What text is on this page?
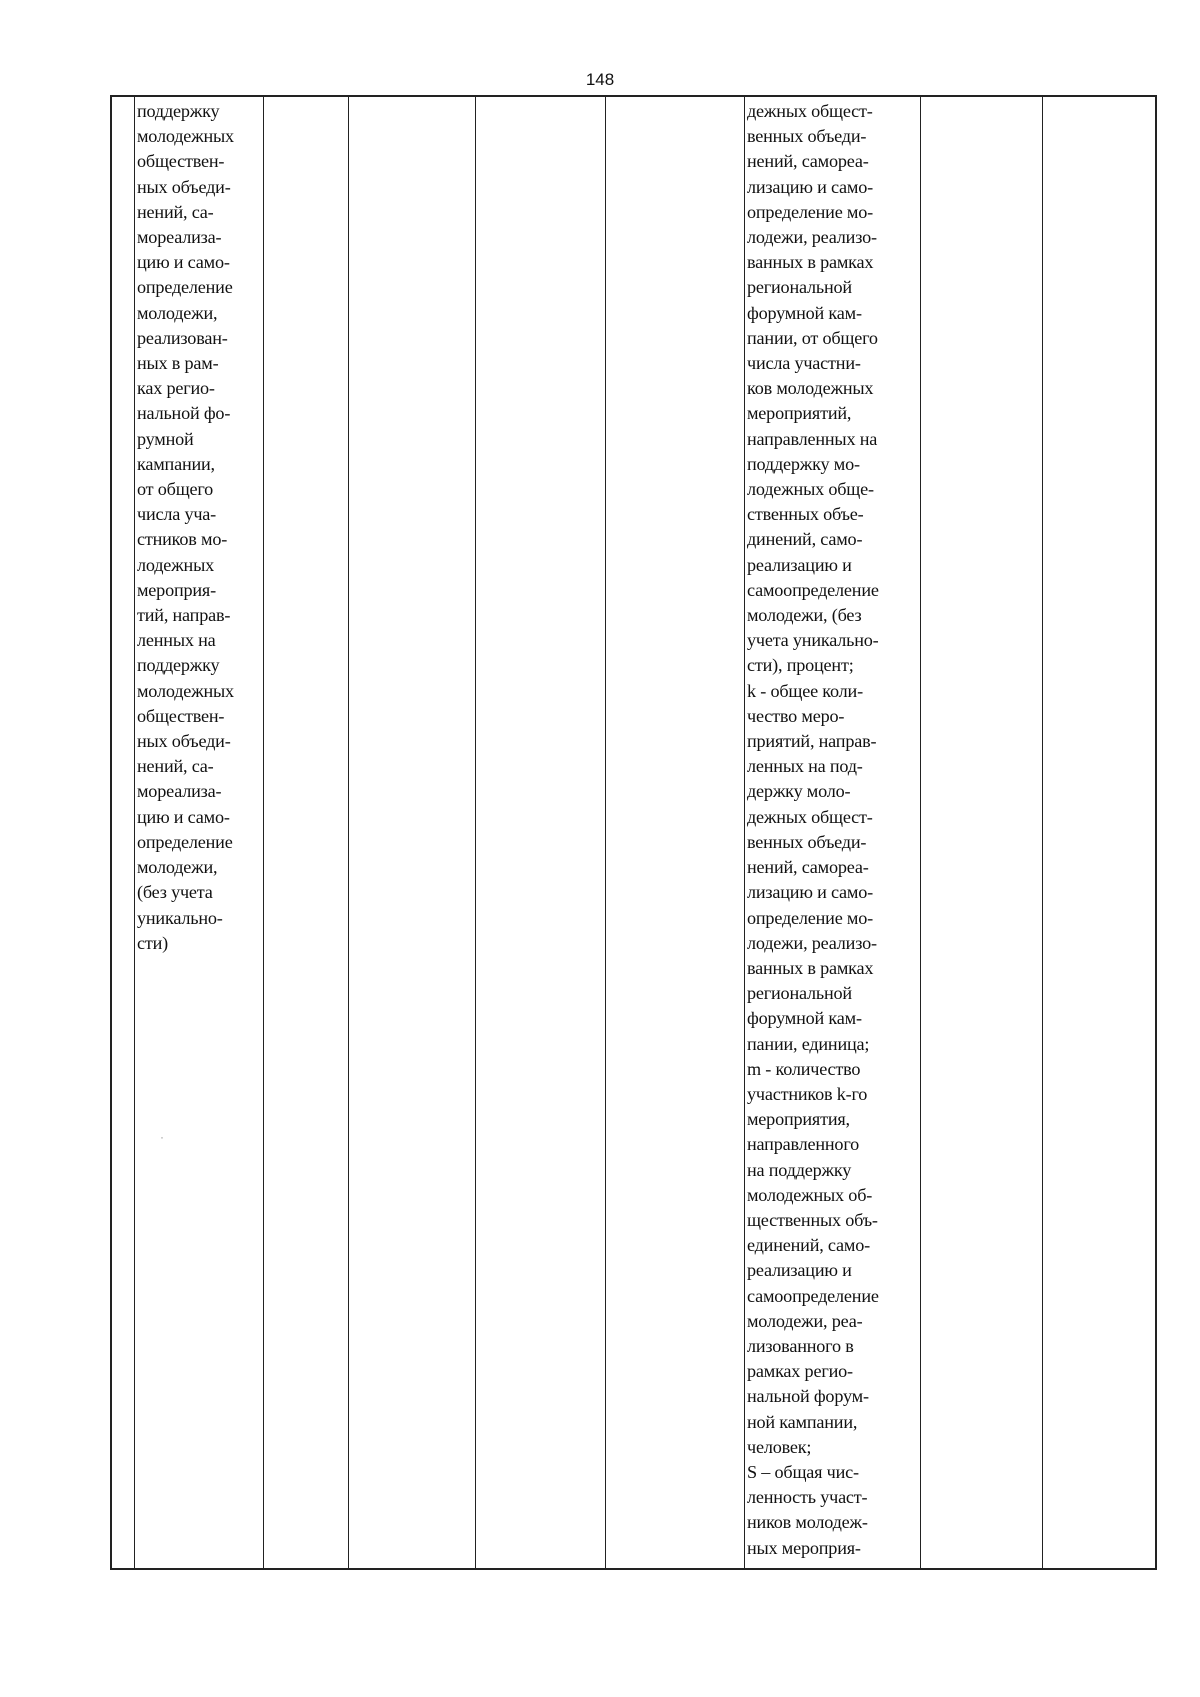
148
поддержку
молодежных
обществен-
ных объеди-
нений, са-
мореализа-
цию и само-
определение
молодежи,
реализован-
ных в рам-
ках регио-
нальной фо-
румной
кампании,
от общего
числа уча-
стников мо-
лодежных
мероприя-
тий, направ-
ленных на
поддержку
молодежных
обществен-
ных объеди-
нений, са-
мореализа-
цию и само-
определение
молодежи,
(без учета
уникально-
сти)
дежных общест-
венных объеди-
нений, самореа-
лизацию и само-
определение мо-
лодежи, реализо-
ванных в рамках
региональной
форумной кам-
пании, от общего
числа участни-
ков молодежных
мероприятий,
направленных на
поддержку мо-
лодежных обще-
ственных объе-
динений, само-
реализацию и
самоопределение
молодежи, (без
учета уникально-
сти), процент;
k - общее коли-
чество меро-
приятий, направ-
ленных на под-
держку моло-
дежных общест-
венных объеди-
нений, самореа-
лизацию и само-
определение мо-
лодежи, реализо-
ванных в рамках
региональной
форумной кам-
пании, единица;
m - количество
участников k-го
мероприятия,
направленного
на поддержку
молодежных об-
щественных объ-
единений, само-
реализацию и
самоопределение
молодежи, реа-
лизованного в
рамках регио-
нальной форум-
ной кампании,
человек;
S – общая чис-
ленность участ-
ников молодеж-
ных мероприя-
·
